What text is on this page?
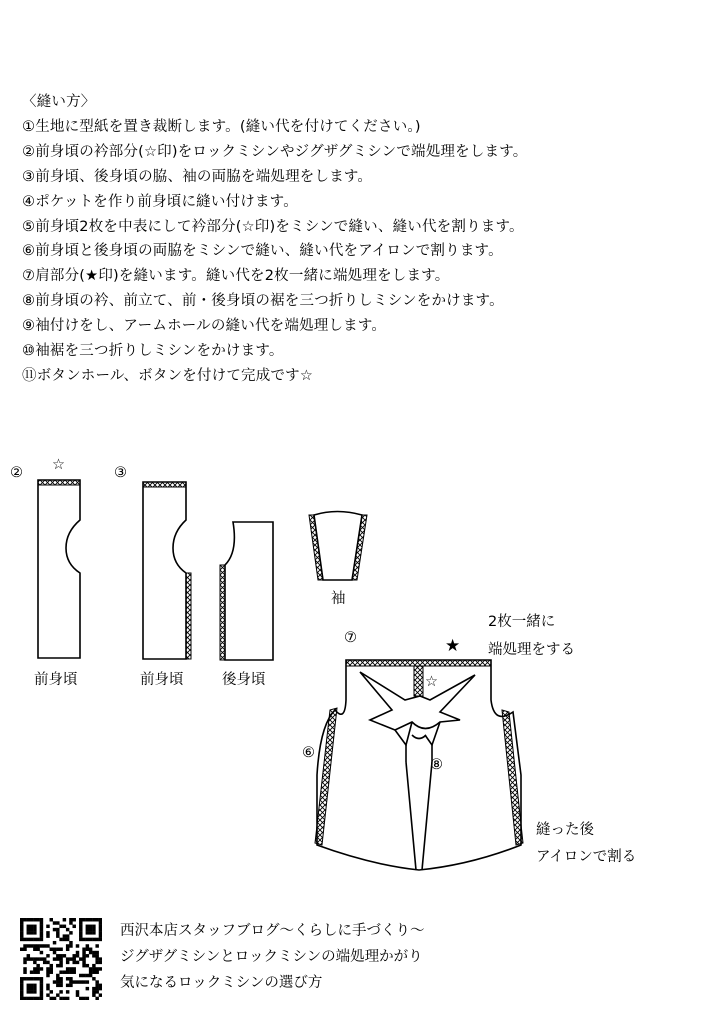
〈縫い方〉
①生地に型紙を置き裁断します。(縫い代を付けてください。)
②前身頃の衿部分(☆印)をロックミシンやジグザグミシンで端処理をします。
③前身頃、後身頃の脇、袖の両脇を端処理をします。
④ポケットを作り前身頃に縫い付けます。
⑤前身頃2枚を中表にして衿部分(☆印)をミシンで縫い、縫い代を割ります。
⑥前身頃と後身頃の両脇をミシンで縫い、縫い代をアイロンで割ります。
⑦肩部分(★印)を縫います。縫い代を2枚一緒に端処理をします。
⑧前身頃の衿、前立て、前・後身頃の裾を三つ折りしミシンをかけます。
⑨袖付けをし、アームホールの縫い代を端処理します。
⑩袖裾を三つ折りしミシンをかけます。
⑪ボタンホール、ボタンを付けて完成です☆
② ☆	③
前身頃	前身頃	後身頃
袖
2枚一緒に
端処理をする
⑦	★
☆
⑥
⑧
縫った後
アイロンで割る
西沢本店スタッフブログ～くらしに手づくり～
ジグザグミシンとロックミシンの端処理かがり
気になるロックミシンの選び方
